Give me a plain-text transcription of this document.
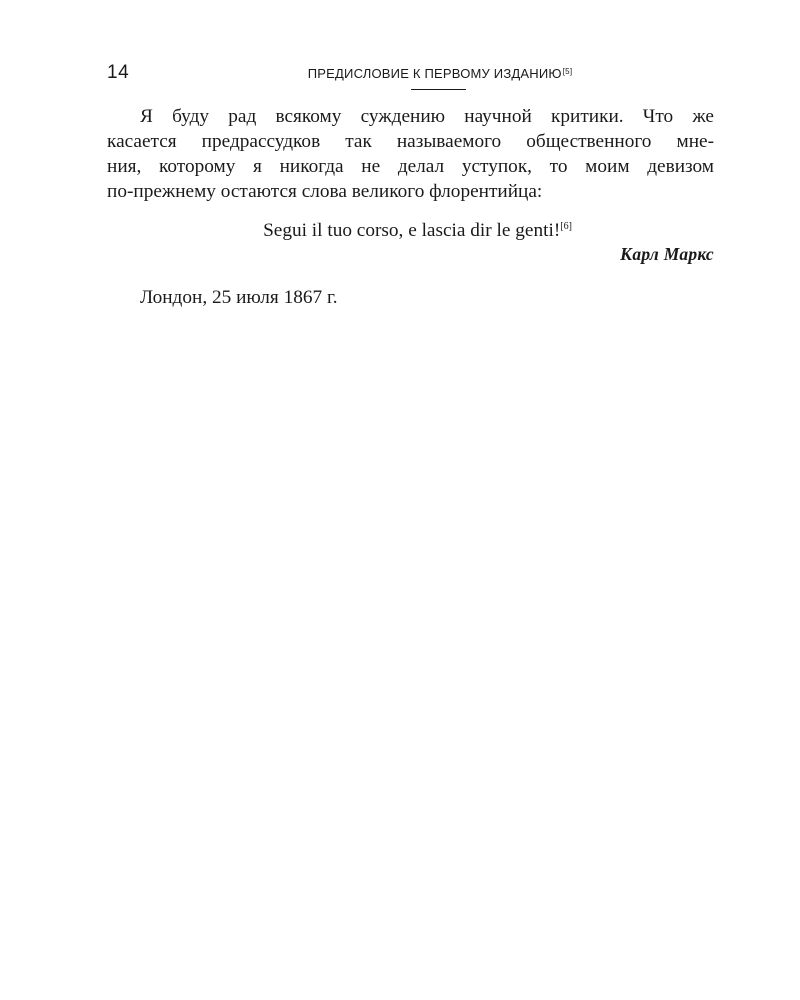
14	ПРЕДИСЛОВИЕ К ПЕРВОМУ ИЗДАНИЮ[5]

Я буду рад всякому суждению научной критики. Что же
касается предрассудков так называемого общественного мне-
ния, которому я никогда не делал уступок, то моим девизом
по-прежнему остаются слова великого флорентийца:

Segui il tuo corso, e lascia dir le genti![6]
Карл Маркс
Лондон, 25 июля 1867 г.
